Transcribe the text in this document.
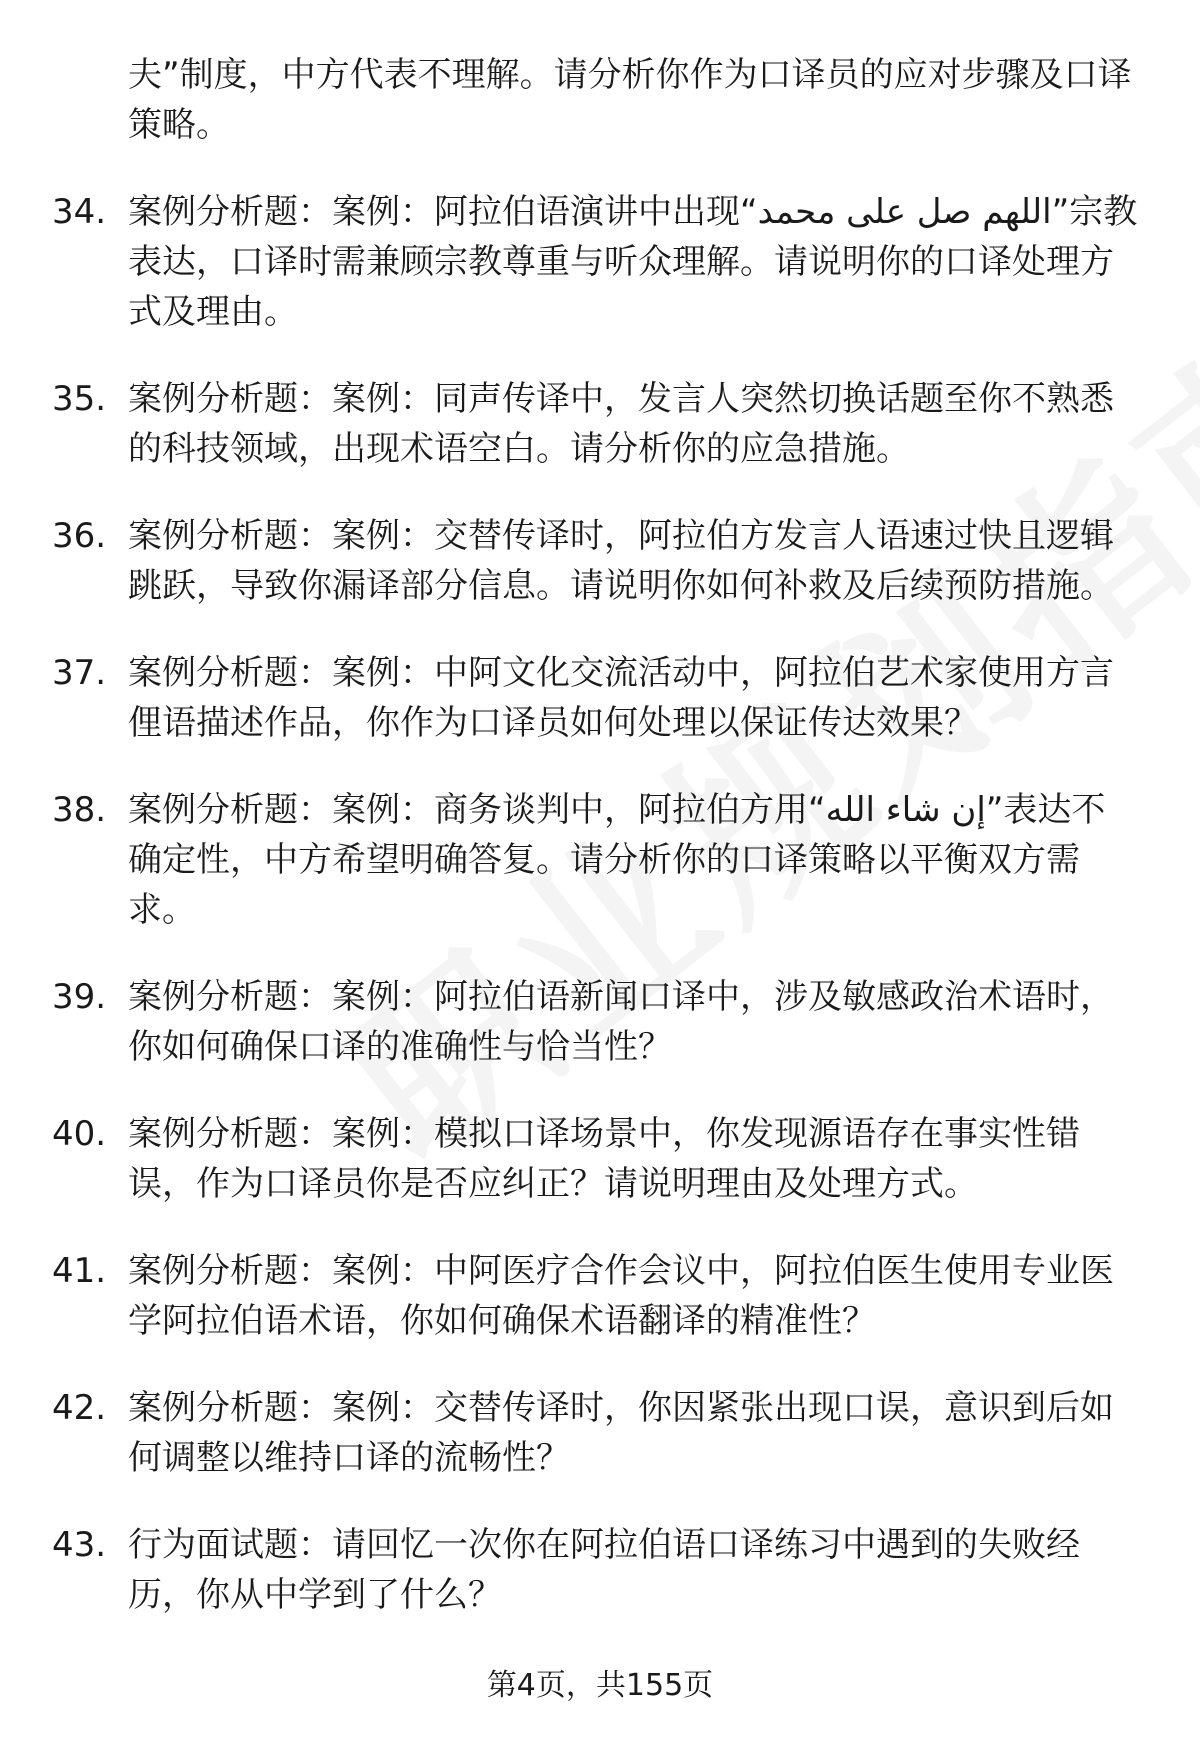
夫”制度，中方代表不理解。请分析你作为口译员的应对步骤及口译策略。
34. 案例分析题：案例：阿拉伯语演讲中出现“اللهم صل على محمد”宗教表达，口译时需兼顾宗教尊重与听众理解。请说明你的口译处理方式及理由。
35. 案例分析题：案例：同声传译中，发言人突然切换话题至你不熟悉的科技领域，出现术语空白。请分析你的应急措施。
36. 案例分析题：案例：交替传译时，阿拉伯方发言人语速过快且逻辑跳跃，导致你漏译部分信息。请说明你如何补救及后续预防措施。
37. 案例分析题：案例：中阿文化交流活动中，阿拉伯艺术家使用方言俚语描述作品，你作为口译员如何处理以保证传达效果？
38. 案例分析题：案例：商务谈判中，阿拉伯方用“إن شاء الله”表达不确定性，中方希望明确答复。请分析你的口译策略以平衡双方需求。
39. 案例分析题：案例：阿拉伯语新闻口译中，涉及敏感政治术语时，你如何确保口译的准确性与恰当性？
40. 案例分析题：案例：模拟口译场景中，你发现源语存在事实性错误，作为口译员你是否应纠正？请说明理由及处理方式。
41. 案例分析题：案例：中阿医疗合作会议中，阿拉伯医生使用专业医学阿拉伯语术语，你如何确保术语翻译的精准性？
42. 案例分析题：案例：交替传译时，你因紧张出现口误，意识到后如何调整以维持口译的流畅性？
43. 行为面试题：请回忆一次你在阿拉伯语口译练习中遇到的失败经历，你从中学到了什么？
第4页，共155页
